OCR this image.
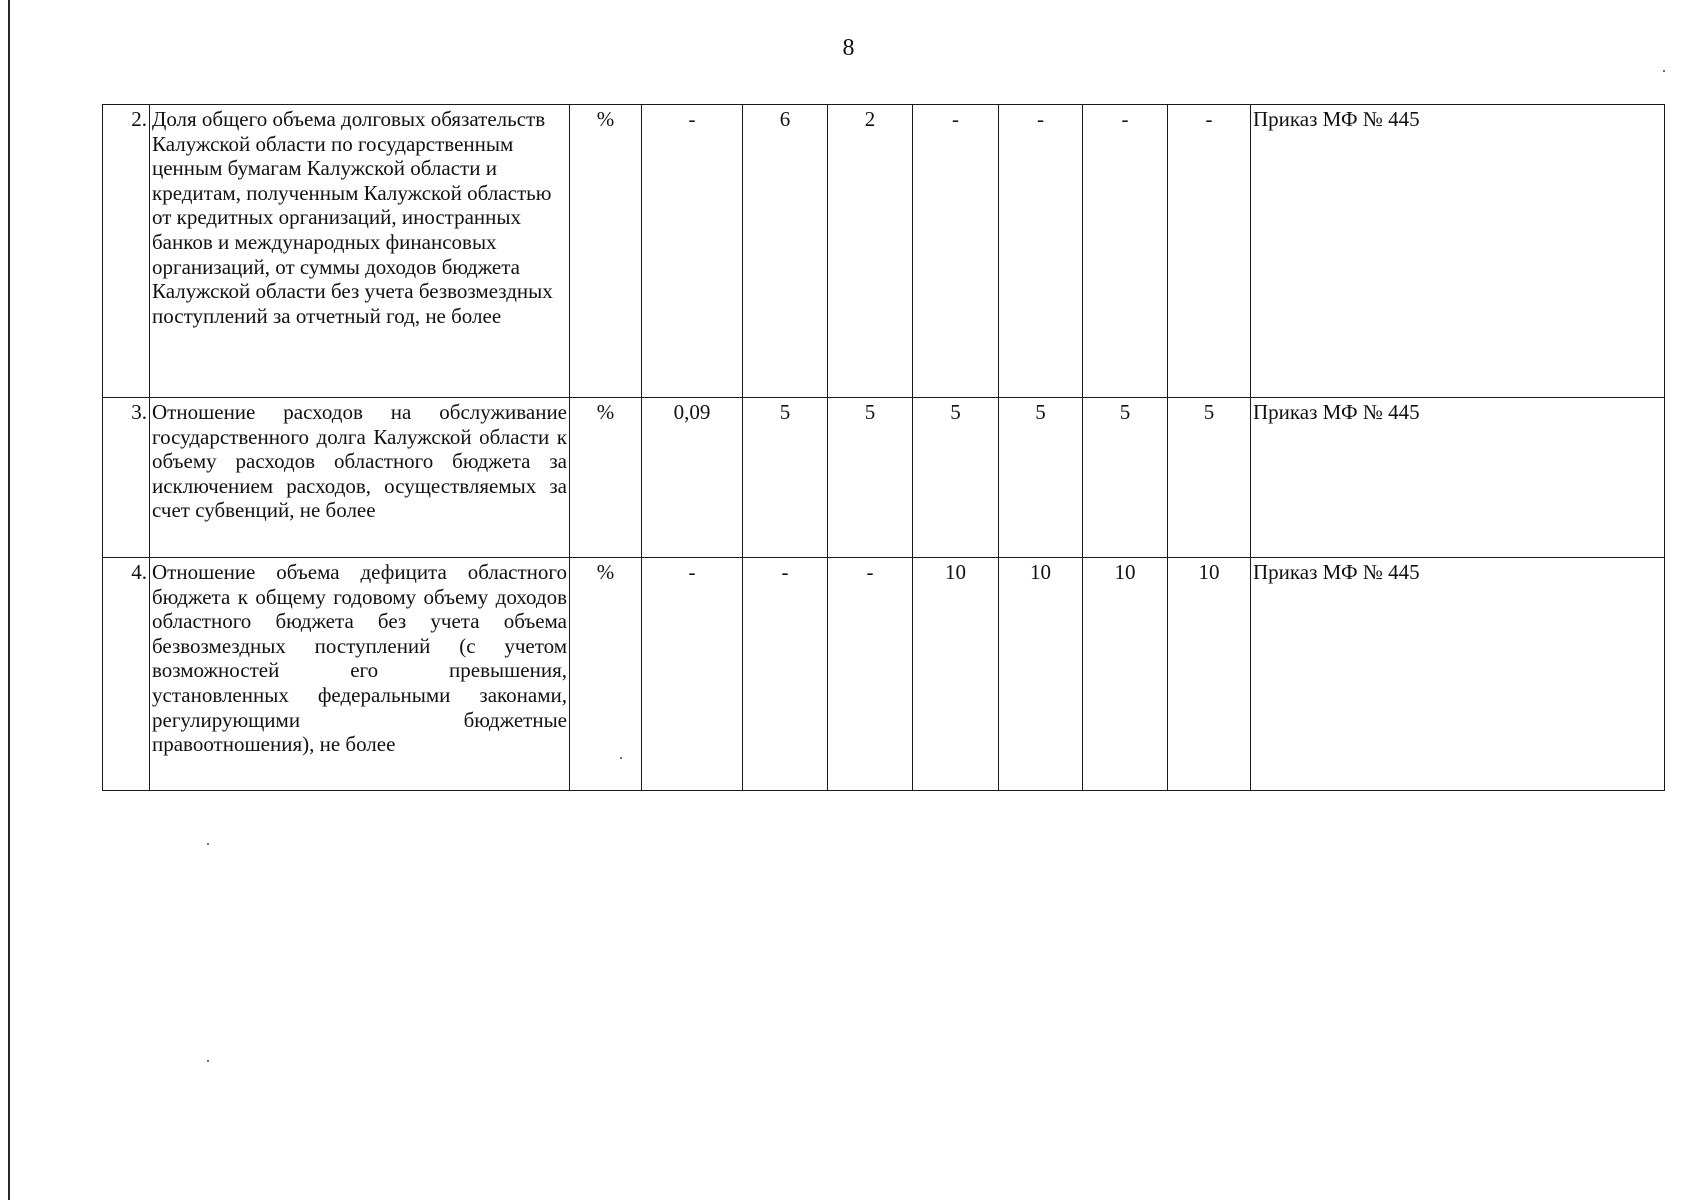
8
2.	Доля общего объема долговых обязательств Калужской области по государственным ценным бумагам Калужской области и кредитам, полученным Калужской областью от кредитных организаций, иностранных банков и международных финансовых организаций, от суммы доходов бюджета Калужской области без учета безвозмездных поступлений за отчетный год, не более	%	-	6	2	-	-	-	-	Приказ МФ № 445
3.	Отношение расходов на обслуживание государственного долга Калужской области к объему расходов областного бюджета за исключением расходов, осуществляемых за счет субвенций, не более	%	0,09	5	5	5	5	5	5	Приказ МФ № 445
4.	Отношение объема дефицита областного бюджета к общему годовому объему доходов областного бюджета без учета объема безвозмездных поступлений (с учетом возможностей его превышения, установленных федеральными законами, регулирующими бюджетные правоотношения), не более	%	-	-	-	10	10	10	10	Приказ МФ № 445
